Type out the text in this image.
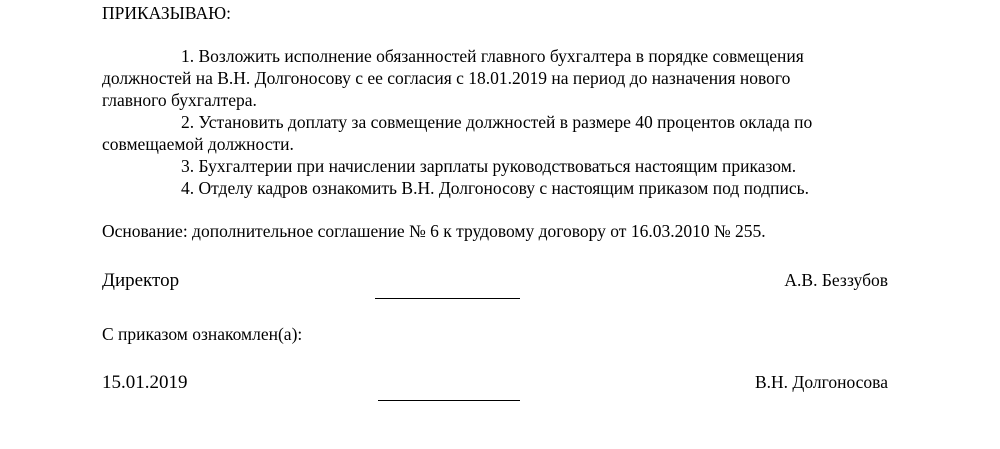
ПРИКАЗЫВАЮ:
1. Возложить исполнение обязанностей главного бухгалтера в порядке совмещения
должностей на В.Н. Долгоносову с ее согласия с 18.01.2019 на период до назначения нового
главного бухгалтера.
2. Установить доплату за совмещение должностей в размере 40 процентов оклада по
совмещаемой должности.
3. Бухгалтерии при начислении зарплаты руководствоваться настоящим приказом.
4. Отделу кадров ознакомить В.Н. Долгоносову с настоящим приказом под подпись.
Основание: дополнительное соглашение № 6 к трудовому договору от 16.03.2010 № 255.
Директор	А.В. Беззубов
С приказом ознакомлен(а):
15.01.2019	В.Н. Долгоносова
